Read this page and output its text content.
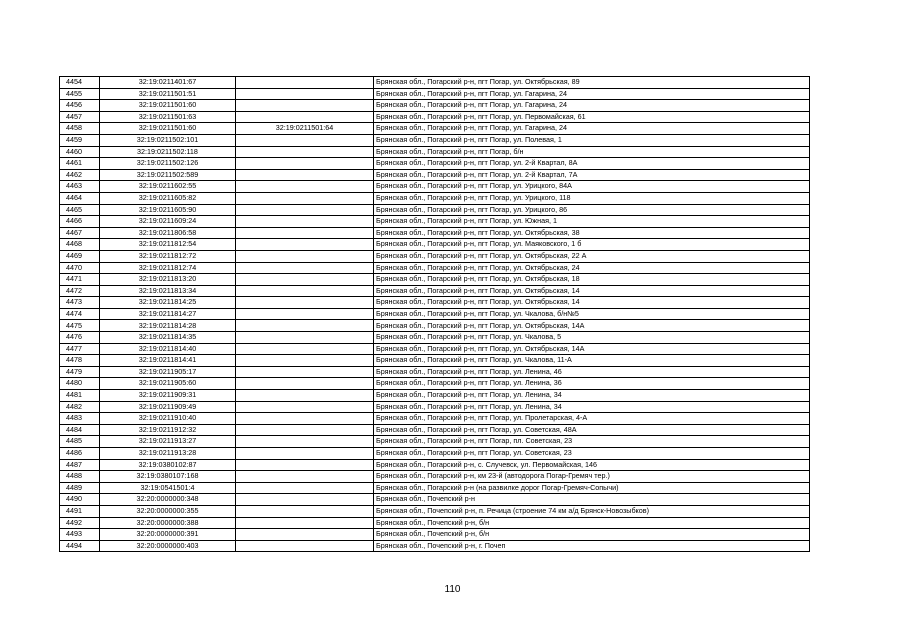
4454	32:19:0211401:67		Брянская обл., Погарский р-н, пгт Погар, ул. Октябрьская, 89
4455	32:19:0211501:51		Брянская обл., Погарский р-н, пгт Погар, ул. Гагарина, 24
4456	32:19:0211501:60		Брянская обл., Погарский р-н, пгт Погар, ул. Гагарина, 24
4457	32:19:0211501:63		Брянская обл., Погарский р-н, пгт Погар, ул. Первомайская, 61
4458	32:19:0211501:60	32:19:0211501:64	Брянская обл., Погарский р-н, пгт Погар, ул. Гагарина, 24
4459	32:19:0211502:101		Брянская обл., Погарский р-н, пгт Погар, ул. Полевая, 1
4460	32:19:0211502:118		Брянская обл., Погарский р-н, пгт Погар, б/н
4461	32:19:0211502:126		Брянская обл., Погарский р-н, пгт Погар, ул. 2-й Квартал, 8А
4462	32:19:0211502:589		Брянская обл., Погарский р-н, пгт Погар, ул. 2-й Квартал, 7А
4463	32:19:0211602:55		Брянская обл., Погарский р-н, пгт Погар, ул. Урицкого, 84А
4464	32:19:0211605:82		Брянская обл., Погарский р-н, пгт Погар, ул. Урицкого, 118
4465	32:19:0211605:90		Брянская обл., Погарский р-н, пгт Погар, ул. Урицкого, 86
4466	32:19:0211609:24		Брянская обл., Погарский р-н, пгт Погар, ул. Южная, 1
4467	32:19:0211806:58		Брянская обл., Погарский р-н, пгт Погар, ул. Октябрьская, 38
4468	32:19:0211812:54		Брянская обл., Погарский р-н, пгт Погар, ул. Маяковского, 1 б
4469	32:19:0211812:72		Брянская обл., Погарский р-н, пгт Погар, ул. Октябрьская, 22 А
4470	32:19:0211812:74		Брянская обл., Погарский р-н, пгт Погар, ул. Октябрьская, 24
4471	32:19:0211813:20		Брянская обл., Погарский р-н, пгт Погар, ул. Октябрьская, 18
4472	32:19:0211813:34		Брянская обл., Погарский р-н, пгт Погар, ул. Октябрьская, 14
4473	32:19:0211814:25		Брянская обл., Погарский р-н, пгт Погар, ул. Октябрьская, 14
4474	32:19:0211814:27		Брянская обл., Погарский р-н, пгт Погар, ул. Чкалова, б/н№5
4475	32:19:0211814:28		Брянская обл., Погарский р-н, пгт Погар, ул. Октябрьская, 14А
4476	32:19:0211814:35		Брянская обл., Погарский р-н, пгт Погар, ул. Чкалова, 5
4477	32:19:0211814:40		Брянская обл., Погарский р-н, пгт Погар, ул. Октябрьская, 14А
4478	32:19:0211814:41		Брянская обл., Погарский р-н, пгт Погар, ул. Чкалова, 11-А
4479	32:19:0211905:17		Брянская обл., Погарский р-н, пгт Погар, ул. Ленина, 46
4480	32:19:0211905:60		Брянская обл., Погарский р-н, пгт Погар, ул. Ленина, 36
4481	32:19:0211909:31		Брянская обл., Погарский р-н, пгт Погар, ул. Ленина, 34
4482	32:19:0211909:49		Брянская обл., Погарский р-н, пгт Погар, ул. Ленина, 34
4483	32:19:0211910:40		Брянская обл., Погарский р-н, пгт Погар, ул. Пролетарская, 4-А
4484	32:19:0211912:32		Брянская обл., Погарский р-н, пгт Погар, ул. Советская, 48А
4485	32:19:0211913:27		Брянская обл., Погарский р-н, пгт Погар, пл. Советская, 23
4486	32:19:0211913:28		Брянская обл., Погарский р-н, пгт Погар, ул. Советская, 23
4487	32:19:0380102:87		Брянская обл., Погарский р-н, с. Случевск, ул. Первомайская, 146
4488	32:19:0380107:168		Брянская обл., Погарский р-н, км 23-й (автодорога Погар-Гремяч тер.)
4489	32:19:0541501:4		Брянская обл., Погарский р-н (на развилке дорог Погар-Гремяч-Сопычи)
4490	32:20:0000000:348		Брянская обл., Почепский р-н
4491	32:20:0000000:355		Брянская обл., Почепский р-н, п. Речица (строение 74 км а/д Брянск-Новозыбков)
4492	32:20:0000000:388		Брянская обл., Почепский р-н, б/н
4493	32:20:0000000:391		Брянская обл., Почепский р-н, б/н
4494	32:20:0000000:403		Брянская обл., Почепский р-н, г. Почеп
110
